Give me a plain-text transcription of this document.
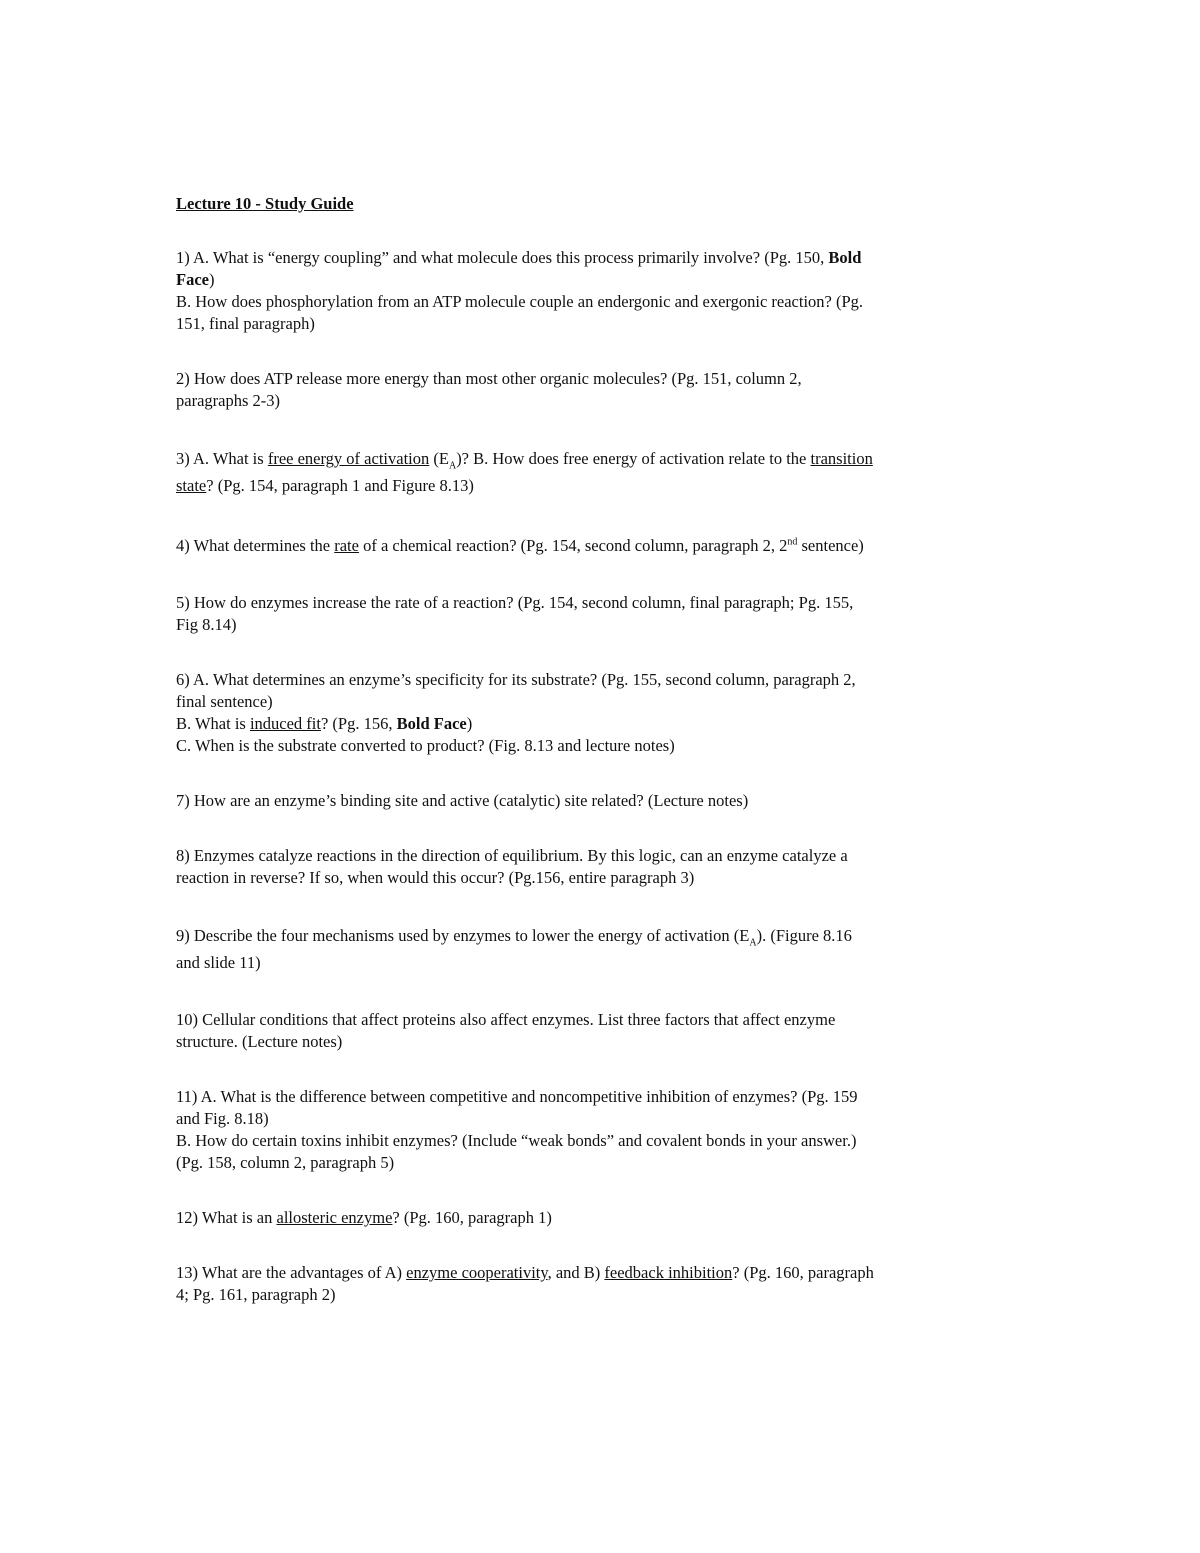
Lecture 10 - Study Guide

1) A. What is “energy coupling” and what molecule does this process primarily involve? (Pg. 150, Bold Face)

B. How does phosphorylation from an ATP molecule couple an endergonic and exergonic reaction? (Pg. 151, final paragraph)

2) How does ATP release more energy than most other organic molecules? (Pg. 151, column 2, paragraphs 2-3)

3) A. What is free energy of activation $(E_A)$? B. How does free energy of activation relate to the transition state? (Pg. 154, paragraph 1 and Figure 8.13)

4) What determines the rate of a chemical reaction? (Pg. 154, second column, paragraph 2, 2nd sentence)

5) How do enzymes increase the rate of a reaction? (Pg. 154, second column, final paragraph; Pg. 155, Fig 8.14)

6) A. What determines an enzyme’s specificity for its substrate? (Pg. 155, second column, paragraph 2, final sentence)

B. What is induced fit? (Pg. 156, Bold Face)

C. When is the substrate converted to product? (Fig. 8.13 and lecture notes)

7) How are an enzyme’s binding site and active (catalytic) site related? (Lecture notes)

8) Enzymes catalyze reactions in the direction of equilibrium. By this logic, can an enzyme catalyze a reaction in reverse? If so, when would this occur? (Pg.156, entire paragraph 3)

9) Describe the four mechanisms used by enzymes to lower the energy of activation $(E_A)$. (Figure 8.16 and slide 11)

10) Cellular conditions that affect proteins also affect enzymes. List three factors that affect enzyme structure. (Lecture notes)

11) A. What is the difference between competitive and noncompetitive inhibition of enzymes? (Pg. 159 and Fig. 8.18)

B. How do certain toxins inhibit enzymes? (Include “weak bonds” and covalent bonds in your answer.) (Pg. 158, column 2, paragraph 5)

12) What is an allosteric enzyme? (Pg. 160, paragraph 1)

13) What are the advantages of A) enzyme cooperativity, and B) feedback inhibition? (Pg. 160, paragraph 4; Pg. 161, paragraph 2)
